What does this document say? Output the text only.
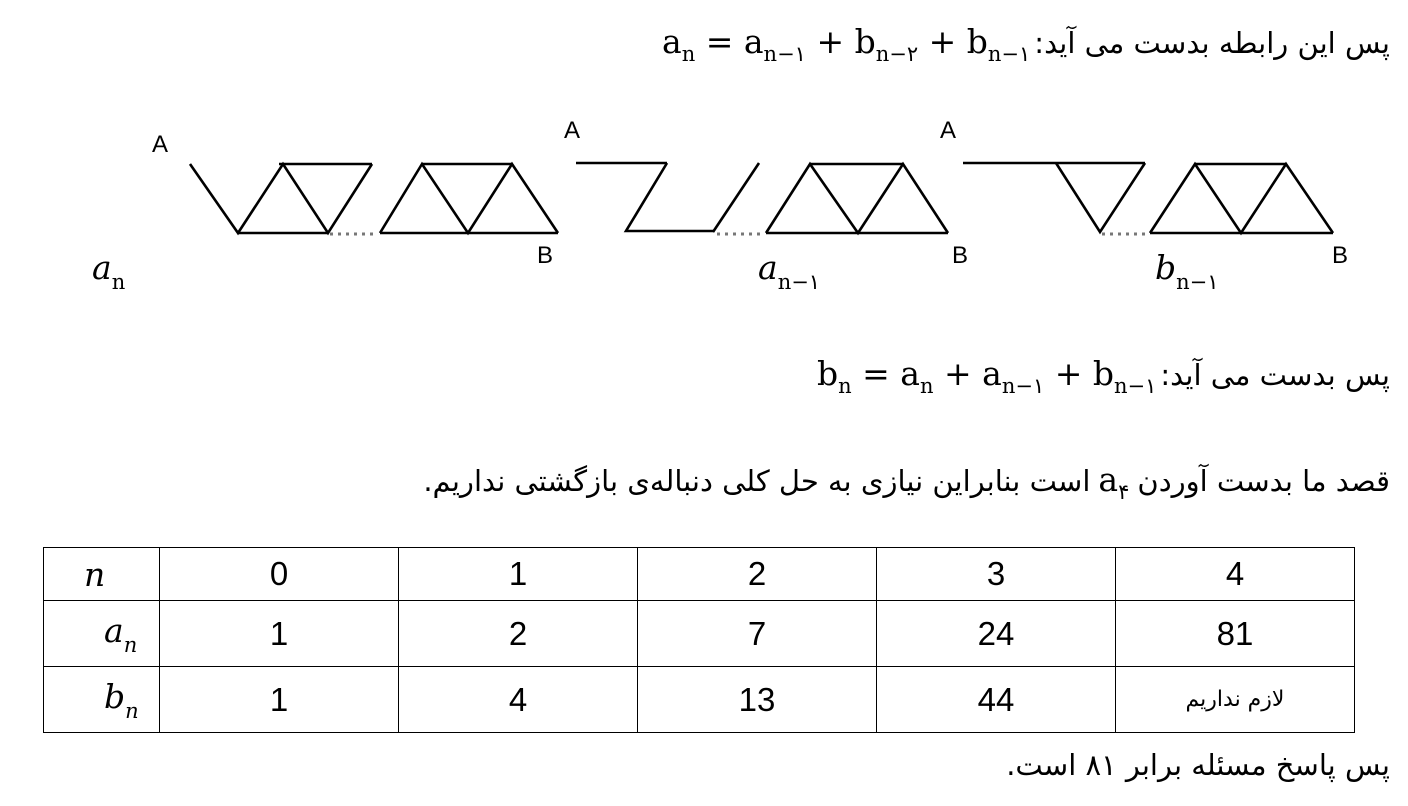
$a_n = a_{n-۱} + b_{n-۲} + b_{n-۱}$ پس این رابطه بدست می آید:
A
A	A
B	B	B
$a_n$	$a_{n-۱}$	$b_{n-۱}$
$b_n = a_n + a_{n-۱} + b_{n-۱}$ پس بدست می آید:
است بنابراین نیازی به حل کلی دنباله‌ی بازگشتی نداریم. $a_۴$ قصد ما بدست آوردن
n	0	1	2	3	4
$a_n$	1	2	7	24	81
$b_n$	1	4	13	44	لازم نداریم
پس پاسخ مسئله برابر ۸۱ است.
